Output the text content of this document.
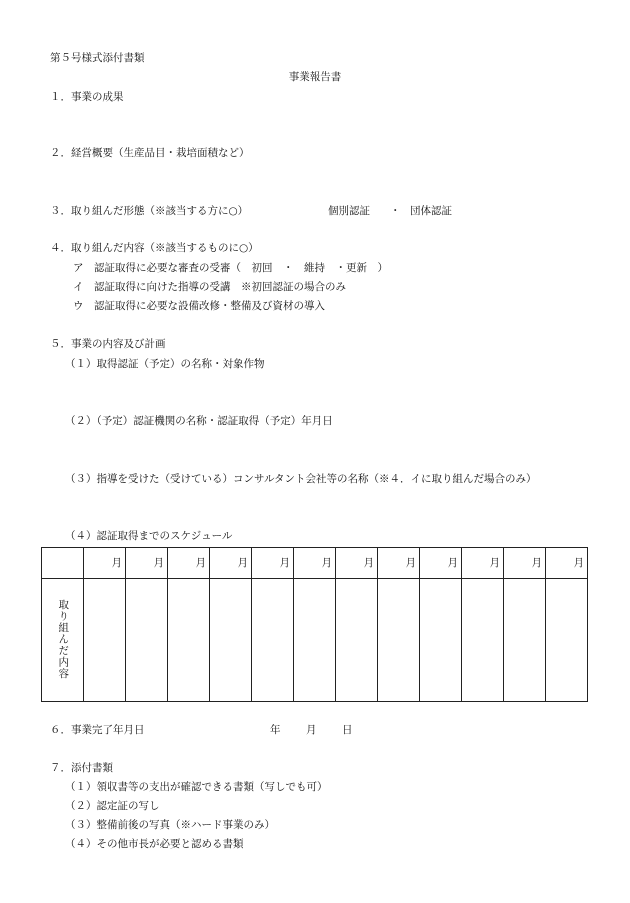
第５号様式添付書類
事業報告書
１．事業の成果
２．経営概要（生産品目・栽培面積など）
３．取り組んだ形態（※該当する方に○）	個別認証 ・ 団体認証
４．取り組んだ内容（※該当するものに○）
ア　認証取得に必要な審査の受審（　初回　・　維持　・更新　）
イ　認証取得に向けた指導の受講　※初回認証の場合のみ
ウ　認証取得に必要な設備改修・整備及び資材の導入
５．事業の内容及び計画
（１）取得認証（予定）の名称・対象作物
（２）（予定）認証機関の名称・認証取得（予定）年月日
（３）指導を受けた（受けている）コンサルタント会社等の名称（※４．イに取り組んだ場合のみ）
（４）認証取得までのスケジュール
	月	月	月	月	月	月	月	月	月	月	月	月
取り組んだ内容												
６．事業完了年月日	年 月 日
７．添付書類
（１）領収書等の支出が確認できる書類（写しでも可）
（２）認定証の写し
（３）整備前後の写真（※ハード事業のみ）
（４）その他市長が必要と認める書類
